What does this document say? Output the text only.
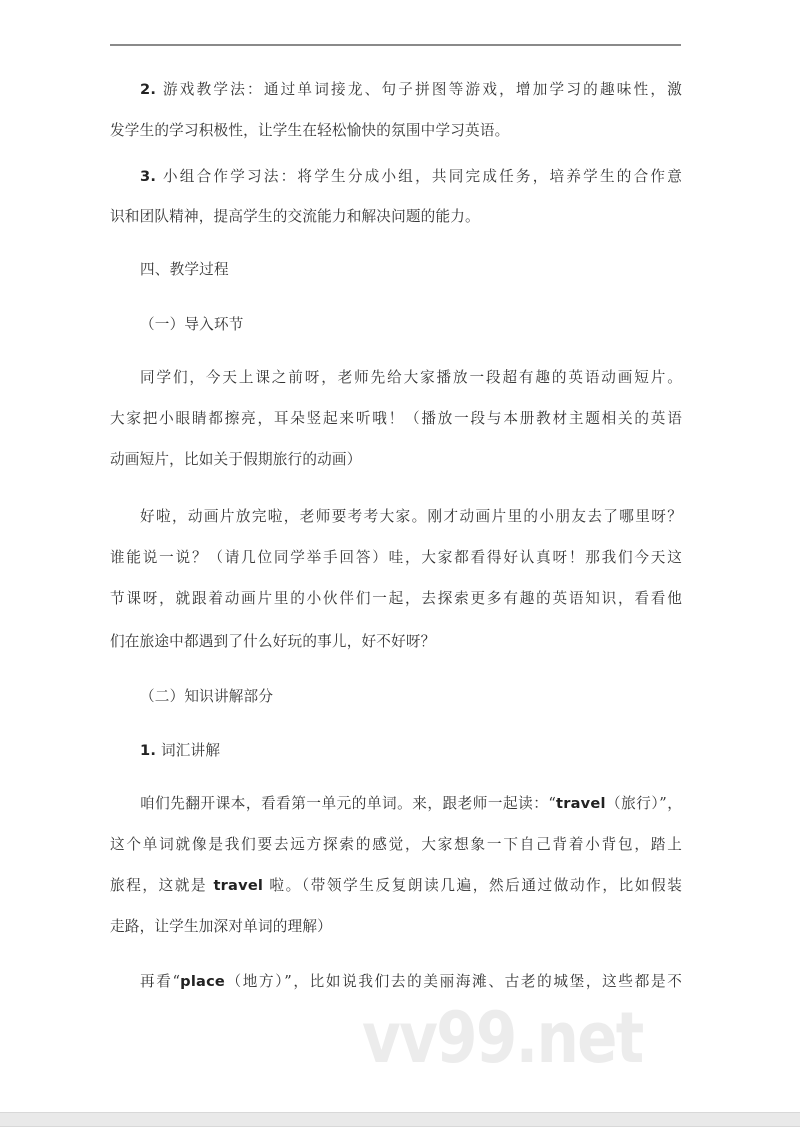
2. 游戏教学法：通过单词接龙、句子拼图等游戏，增加学习的趣味性，激
发学生的学习积极性，让学生在轻松愉快的氛围中学习英语。
3. 小组合作学习法：将学生分成小组，共同完成任务，培养学生的合作意
识和团队精神，提高学生的交流能力和解决问题的能力。
四、教学过程
（一）导入环节
同学们，今天上课之前呀，老师先给大家播放一段超有趣的英语动画短片。
大家把小眼睛都擦亮，耳朵竖起来听哦！（播放一段与本册教材主题相关的英语
动画短片，比如关于假期旅行的动画）
好啦，动画片放完啦，老师要考考大家。刚才动画片里的小朋友去了哪里呀？
谁能说一说？（请几位同学举手回答）哇，大家都看得好认真呀！那我们今天这
节课呀，就跟着动画片里的小伙伴们一起，去探索更多有趣的英语知识，看看他
们在旅途中都遇到了什么好玩的事儿，好不好呀？
（二）知识讲解部分
1. 词汇讲解
咱们先翻开课本，看看第一单元的单词。来，跟老师一起读：“travel（旅行）”，
这个单词就像是我们要去远方探索的感觉，大家想象一下自己背着小背包，踏上
旅程，这就是 travel 啦。（带领学生反复朗读几遍，然后通过做动作，比如假装
走路，让学生加深对单词的理解）
再看“place（地方）”，比如说我们去的美丽海滩、古老的城堡，这些都是不
vv99.net
